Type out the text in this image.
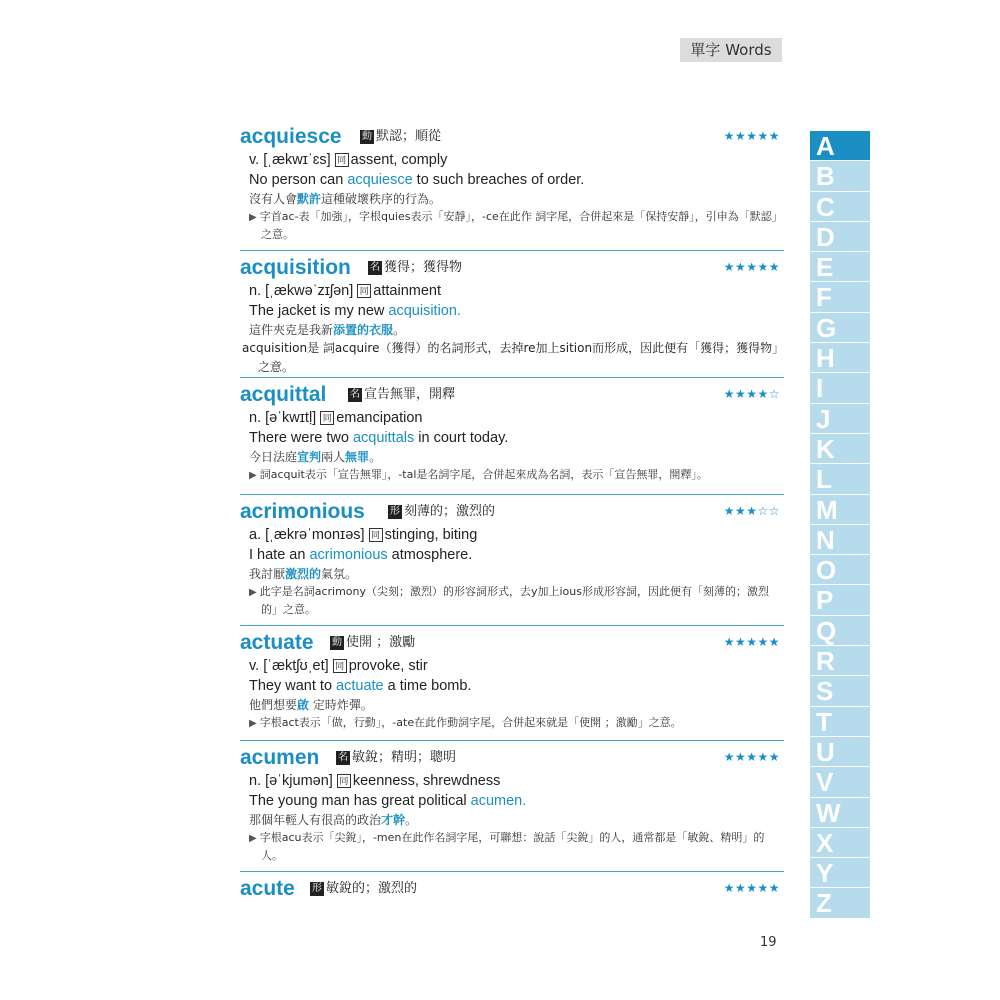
單字 Words
acquiesce 動 默認；順從	★★★★★
v. [ˌækwɪˈɛs] 同 assent, comply
No person can acquiesce to such breaches of order.
沒有人會默許這種破壞秩序的行為。
▶ 字首ac-表「加強」，字根quies表示「安靜」，-ce在此作 詞字尾，合併起來是「保持安靜」，引申為「默認」之意。
acquisition 名 獲得；獲得物	★★★★★
n. [ˌækwəˈzɪʃən] 同 attainment
The jacket is my new acquisition.
這件夾克是我新添置的衣服。
acquisition是 詞acquire（獲得）的名詞形式，去掉re加上sition而形成，因此便有「獲得；獲得物」之意。
acquittal 名 宣告無罪，開釋	★★★★☆
n. [əˈkwɪtḷ] 同 emancipation
There were two acquittals in court today.
今日法庭宣判兩人無罪。
▶ 詞acquit表示「宣告無罪」，-tal是名詞字尾，合併起來成為名詞，表示「宣告無罪，開釋」。
acrimonious	形 刻薄的；激烈的	★★★☆☆
a. [ˌækrəˈmonɪəs] 同 stinging, biting
I hate an acrimonious atmosphere.
我討厭激烈的氣氛。
▶ 此字是名詞acrimony（尖刻；激烈）的形容詞形式，去y加上ious形成形容詞，因此便有「刻薄的；激烈的」之意。
actuate 動 使開 ；激勵	★★★★★
v. [ˈæktʃʊˌet] 同 provoke, stir
They want to actuate a time bomb.
他們想要啟 定時炸彈。
▶ 字根act表示「做，行動」，-ate在此作動詞字尾，合併起來就是「使開 ；激勵」之意。
acumen 名 敏銳；精明；聰明	★★★★★
n. [əˈkjumən] 同 keenness, shrewdness
The young man has great political acumen.
那個年輕人有很高的政治才幹。
▶ 字根acu表示「尖銳」，-men在此作名詞字尾，可聯想：說話「尖銳」的人，通常都是「敏銳、精明」的人。
acute 形 敏銳的；激烈的	★★★★★
A
B
C
D
E
F
G
H
I
J
K
L
M
N
O
P
Q
R
S
T
U
V
W
X
Y
Z
19
